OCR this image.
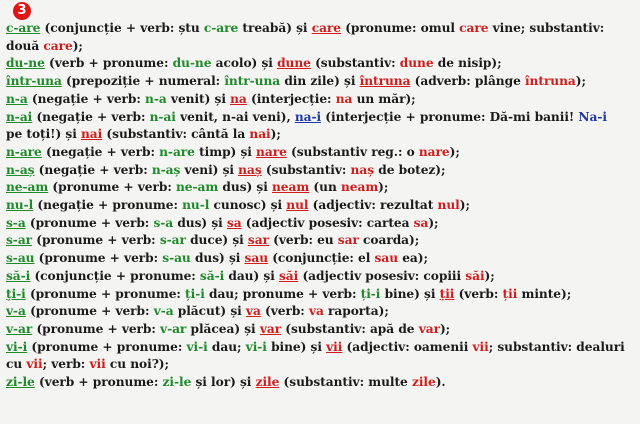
3
c-are (conjuncție + verb: ștu c-are treabă) și care (pronume: omul care vine; substantiv:
două care);
du-ne (verb + pronume: du-ne acolo) și dune (substantiv: dune de nisip);
într-una (prepoziție + numeral: într-una din zile) și întruna (adverb: plânge întruna);
n-a (negație + verb: n-a venit) și na (interjecție: na un măr);
n-ai (negație + verb: n-ai venit, n-ai veni), na-i (interjecție + pronume: Dă-mi banii! Na-i
pe toți!) și nai (substantiv: cântă la nai);
n-are (negație + verb: n-are timp) și nare (substantiv reg.: o nare);
n-aș (negație + verb: n-aș veni) și naș (substantiv: naș de botez);
ne-am (pronume + verb: ne-am dus) și neam (un neam);
nu-l (negație + pronume: nu-l cunosc) și nul (adjectiv: rezultat nul);
s-a (pronume + verb: s-a dus) și sa (adjectiv posesiv: cartea sa);
s-ar (pronume + verb: s-ar duce) și sar (verb: eu sar coarda);
s-au (pronume + verb: s-au dus) și sau (conjuncție: el sau ea);
să-i (conjuncție + pronume: să-i dau) și săi (adjectiv posesiv: copiii săi);
ți-i (pronume + pronume: ți-i dau; pronume + verb: ți-i bine) și ții (verb: ții minte);
v-a (pronume + verb: v-a plăcut) și va (verb: va raporta);
v-ar (pronume + verb: v-ar plăcea) și var (substantiv: apă de var);
vi-i (pronume + pronume: vi-i dau; vi-i bine) și vii (adjectiv: oamenii vii; substantiv: dealuri
cu vii; verb: vii cu noi?);
zi-le (verb + pronume: zi-le și lor) și zile (substantiv: multe zile).
